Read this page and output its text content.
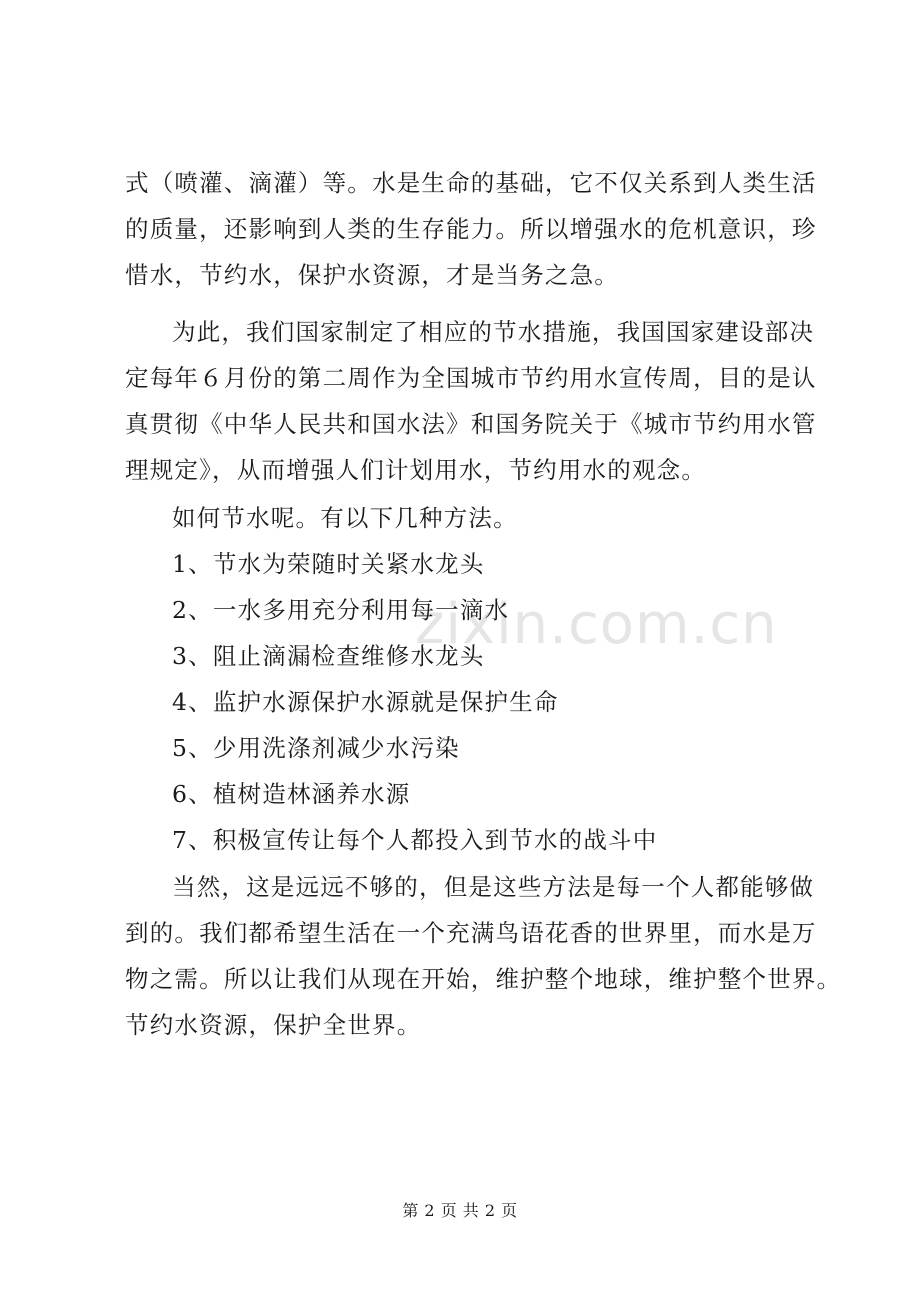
zixin.com.cn
式（喷灌、滴灌）等。水是生命的基础，它不仅关系到人类生活
的质量，还影响到人类的生存能力。所以增强水的危机意识，珍
惜水，节约水，保护水资源，才是当务之急。
为此，我们国家制定了相应的节水措施，我国国家建设部决
定每年６月份的第二周作为全国城市节约用水宣传周，目的是认
真贯彻《中华人民共和国水法》和国务院关于《城市节约用水管
理规定》，从而增强人们计划用水，节约用水的观念。
如何节水呢。有以下几种方法。
1、节水为荣随时关紧水龙头
2、一水多用充分利用每一滴水
3、阻止滴漏检查维修水龙头
4、监护水源保护水源就是保护生命
5、少用洗涤剂减少水污染
6、植树造林涵养水源
7、积极宣传让每个人都投入到节水的战斗中
当然，这是远远不够的，但是这些方法是每一个人都能够做
到的。我们都希望生活在一个充满鸟语花香的世界里，而水是万
物之需。所以让我们从现在开始，维护整个地球，维护整个世界。
节约水资源，保护全世界。
第 2 页 共 2 页
